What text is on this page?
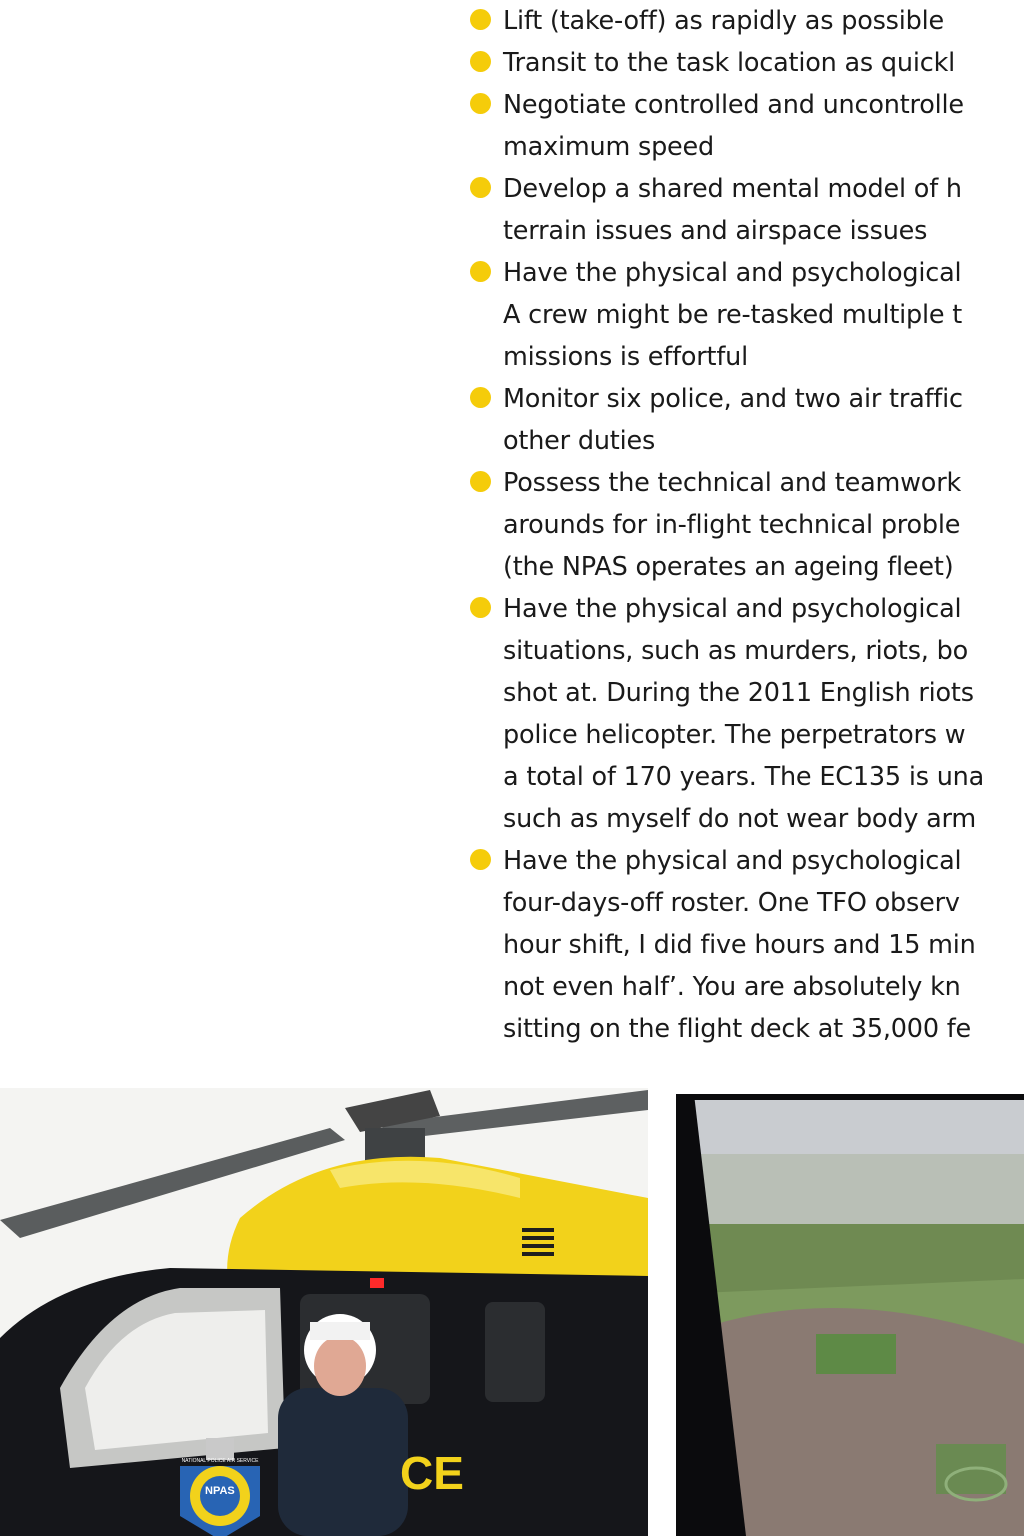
Lift (take-off) as rapidly as possible
Transit to the task location as quickl
Negotiate controlled and uncontrolle
maximum speed
Develop a shared mental model of h
terrain issues and airspace issues
Have the physical and psychological
A crew might be re-tasked multiple t
missions is effortful
Monitor six police, and two air traffic
other duties
Possess the technical and teamwork
arounds for in-flight technical proble
(the NPAS operates an ageing fleet)
Have the physical and psychological
situations, such as murders, riots, bo
shot at. During the 2011 English riots
police helicopter. The perpetrators w
a total of 170 years. The EC135 is una
such as myself do not wear body arm
Have the physical and psychological
four-days-off roster. One TFO observ
hour shift, I did five hours and 15 min
not even half’. You are absolutely kn
sitting on the flight deck at 35,000 fe
NPAS
NATIONAL POLICE AIR SERVICE	CE
